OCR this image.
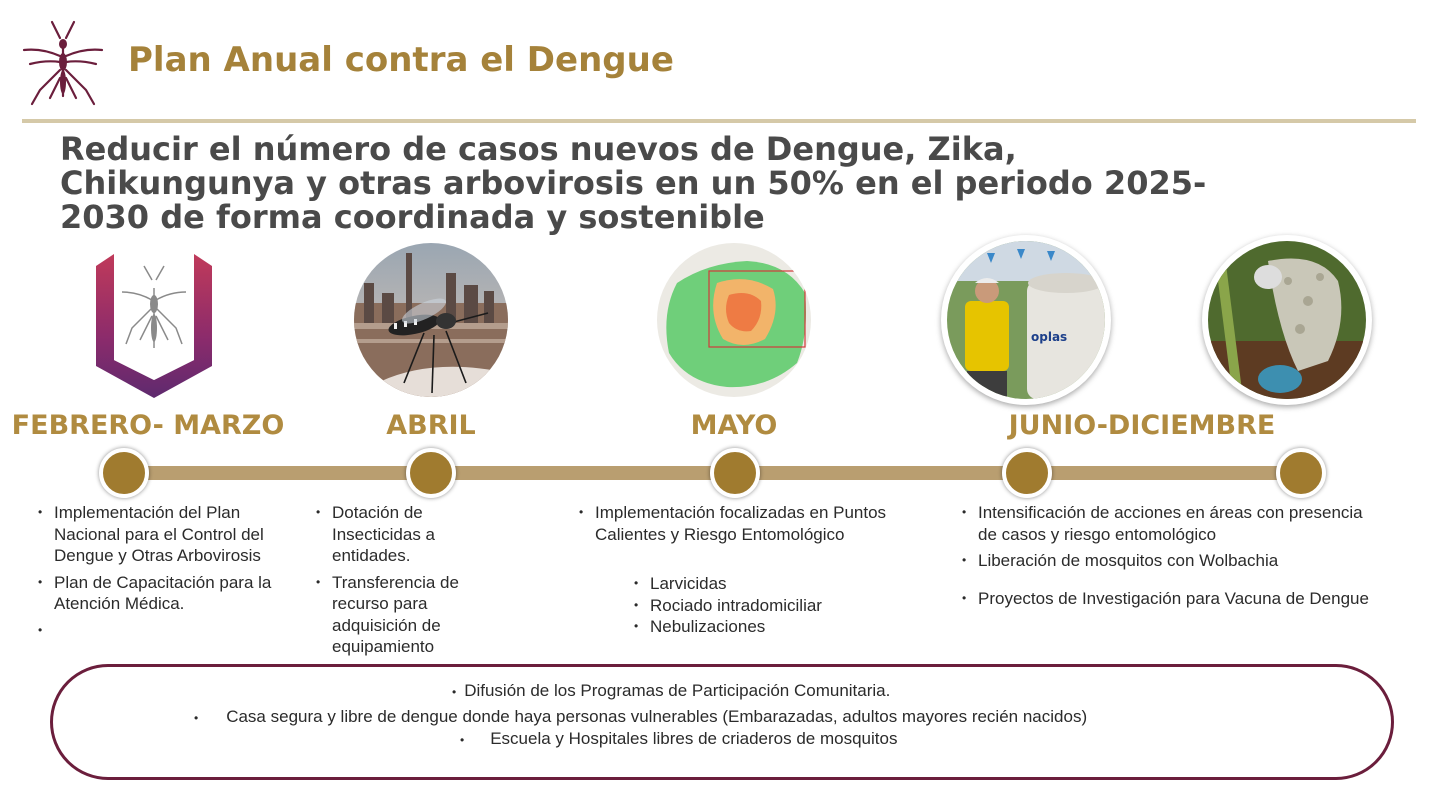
Plan Anual contra el Dengue
Reducir el número de casos nuevos de Dengue, Zika, Chikungunya y otras arbovirosis en un 50% en el periodo 2025-2030 de forma coordinada y sostenible
oplas
FEBRERO- MARZO	ABRIL	MAYO	JUNIO-DICIEMBRE
• Implementación del Plan Nacional para el Control del Dengue y Otras Arbovirosis
• Plan de Capacitación para la Atención Médica.
•
• Dotación de Insecticidas a entidades.
• Transferencia de recurso para adquisición de equipamiento
• Implementación focalizadas en Puntos Calientes y Riesgo Entomológico
• Larvicidas
• Rociado intradomiciliar
• Nebulizaciones
• Intensificación de acciones en áreas con presencia de casos y riesgo entomológico
• Liberación de mosquitos con Wolbachia
• Proyectos de Investigación para Vacuna de Dengue
• Difusión de los Programas de Participación Comunitaria.
• Casa segura y libre de dengue donde haya personas vulnerables (Embarazadas, adultos mayores recién nacidos)
• Escuela y Hospitales libres de criaderos de mosquitos
